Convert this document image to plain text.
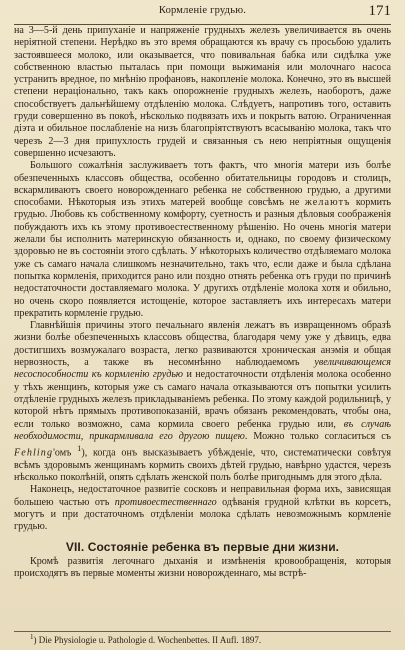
Кормленіе грудью.	171

на 3—5-й день припуханіе и напряженіе грудныхъ железъ увеличивается въ очень неріятной степени. Нерѣдко въ это время обращаются къ врачу съ просьбою удалить застоявшееся молоко, или оказывается, что повивальная бабка или сидѣлка уже собственною властью пыталась при помощи выжиманія или молочнаго насоса устранить вредное, по мнѣнію профановъ, накопленіе молока. Конечно, это въ высшей степени нераціонально, такъ какъ опорожненіе грудныхъ железъ, наоборотъ, даже способствуетъ дальнѣйшему отдѣленію молока. Слѣдуетъ, напротивъ того, оставить груди совершенно въ покоѣ, нѣсколько подвязать ихъ и покрыть ватою. Ограниченная діэта и обильное послабленіе на низъ благопріятствуютъ всасыванію молока, такъ что черезъ 2—3 дня припухлость грудей и связанныя съ нею непріятныя ощущенія совершенно исчезаютъ.

Большого сожалѣнія заслуживаетъ тотъ фактъ, что многія матери изъ болѣе обезпеченныхъ классовъ общества, особенно обитательницы городовъ и столицъ, вскармливаютъ своего новорожденнаго ребенка не собственною грудью, а другими способами. Нѣкоторыя изъ этихъ матерей вообще совсѣмъ не желаютъ кормить грудью. Любовь къ собственному комфорту, суетность и разныя дѣловыя соображенія побуждаютъ ихъ къ этому противоестественному рѣшенію. Но очень многія матери желали бы исполнить материнскую обязанность и, однако, по своему физическому здоровью не въ состояніи этого сдѣлать. У нѣкоторыхъ количество отдѣляемаго молока уже съ самаго начала слишкомъ незначительно, такъ что, если даже и была сдѣлана попытка кормленія, приходится рано или поздно отнять ребенка отъ груди по причинѣ недостаточности доставляемаго молока. У другихъ отдѣленіе молока хотя и обильно, но очень скоро появляется истощеніе, которое заставляетъ ихъ интересахъ матери прекратить кормленіе грудью.

Главнѣйшія причины этого печальнаго явленія лежатъ въ извращенномъ образѣ жизни болѣе обезпеченныхъ классовъ общества, благодаря чему уже у дѣвицъ, едва достигшихъ возмужалаго возраста, легко развиваются хроническая анэмія и общая нервозность, а также въ несомнѣнно наблюдаемомъ увеличивающемся несоспособности къ кормленію грудью и недостаточности отдѣленія молока особенно у тѣхъ женщинъ, которыя уже съ самаго начала отказываются отъ попытки усилить отдѣленіе грудныхъ железъ прикладываніемъ ребенка. По этому каждой родильницѣ, у которой нѣтъ прямыхъ противопоказаній, врачъ обязанъ рекомендовать, чтобы она, если только возможно, сама кормила своего ребенка грудью или, въ случаѣ необходимости, прикармливала его другою пищею. Можно только согласиться съ Fehling'омъ $^1$), когда онъ высказываетъ убѣжденіе, что, систематически совѣтуя всѣмъ здоровымъ женщинамъ кормить своихъ дѣтей грудью, навѣрно удастся, черезъ нѣсколько поколѣній, опять сдѣлать женской полъ болѣе пригоднымъ для этого дѣла.

Наконецъ, недостаточное развитіе сосковъ и неправильная форма ихъ, зависящая большею частью отъ противоестественнаго одѣванія грудной клѣтки въ корсетъ, могутъ и при достаточномъ отдѣленіи молока сдѣлать невозможнымъ кормленіе грудью.

VII. Состояніе ребенка въ первые дни жизни.

Кромѣ развитія легочнаго дыханія и измѣненія кровообращенія, которыя происходятъ въ первые моменты жизни новорожденнаго, мы встрѣ-

$^1$) Die Physiologie u. Pathologie d. Wochenbettes. II Aufl. 1897.
